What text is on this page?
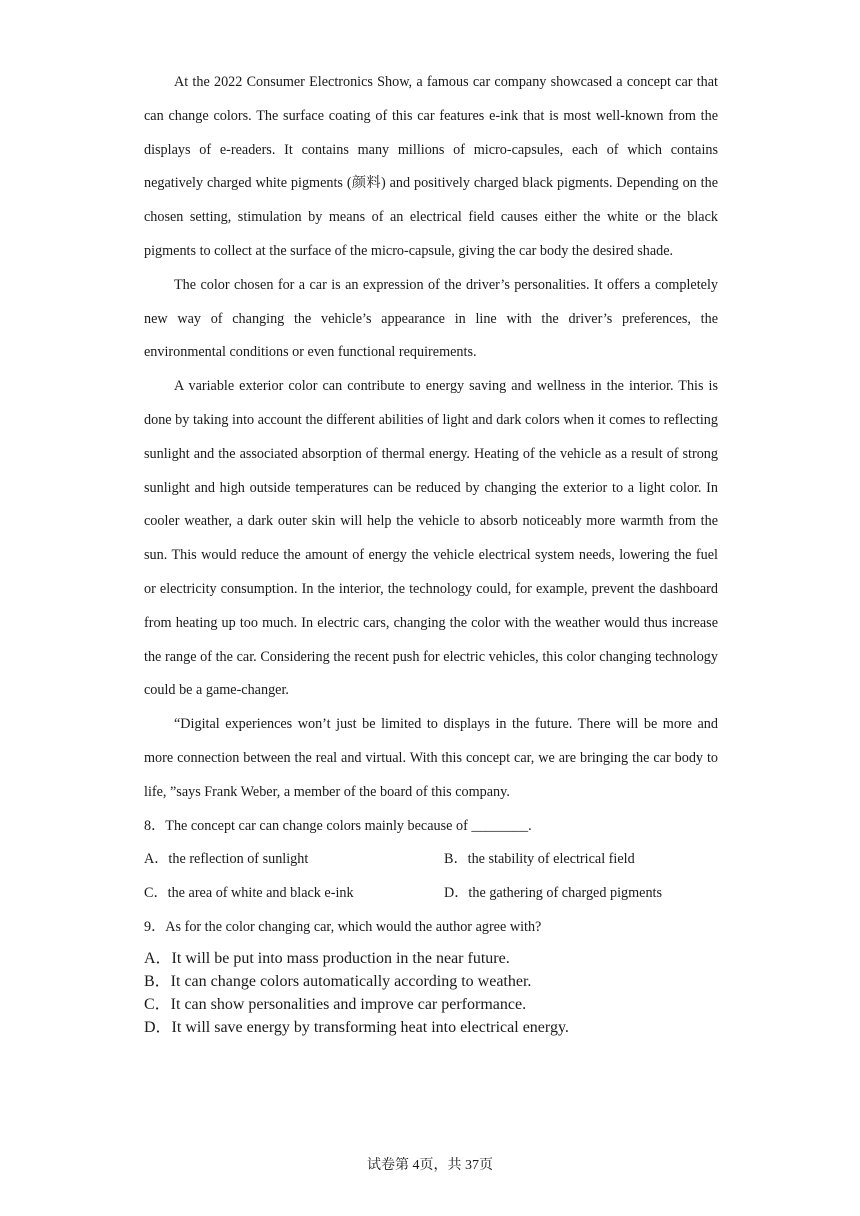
At the 2022 Consumer Electronics Show, a famous car company showcased a concept car that can change colors. The surface coating of this car features e-ink that is most well-known from the displays of e-readers. It contains many millions of micro-capsules, each of which contains negatively charged white pigments (颜料) and positively charged black pigments. Depending on the chosen setting, stimulation by means of an electrical field causes either the white or the black pigments to collect at the surface of the micro-capsule, giving the car body the desired shade.

The color chosen for a car is an expression of the driver’s personalities. It offers a completely new way of changing the vehicle’s appearance in line with the driver’s preferences, the environmental conditions or even functional requirements.

A variable exterior color can contribute to energy saving and wellness in the interior. This is done by taking into account the different abilities of light and dark colors when it comes to reflecting sunlight and the associated absorption of thermal energy. Heating of the vehicle as a result of strong sunlight and high outside temperatures can be reduced by changing the exterior to a light color. In cooler weather, a dark outer skin will help the vehicle to absorb noticeably more warmth from the sun. This would reduce the amount of energy the vehicle electrical system needs, lowering the fuel or electricity consumption. In the interior, the technology could, for example, prevent the dashboard from heating up too much. In electric cars, changing the color with the weather would thus increase the range of the car. Considering the recent push for electric vehicles, this color changing technology could be a game-changer.

“Digital experiences won’t just be limited to displays in the future. There will be more and more connection between the real and virtual. With this concept car, we are bringing the car body to life, ”says Frank Weber, a member of the board of this company.

8．The concept car can change colors mainly because of ________.

A．the reflection of sunlight	B．the stability of electrical field

C．the area of white and black e-ink	D．the gathering of charged pigments

9．As for the color changing car, which would the author agree with?

A．It will be put into mass production in the near future.

B．It can change colors automatically according to weather.

C．It can show personalities and improve car performance.

D．It will save energy by transforming heat into electrical energy.

试卷第 4页，共 37页
